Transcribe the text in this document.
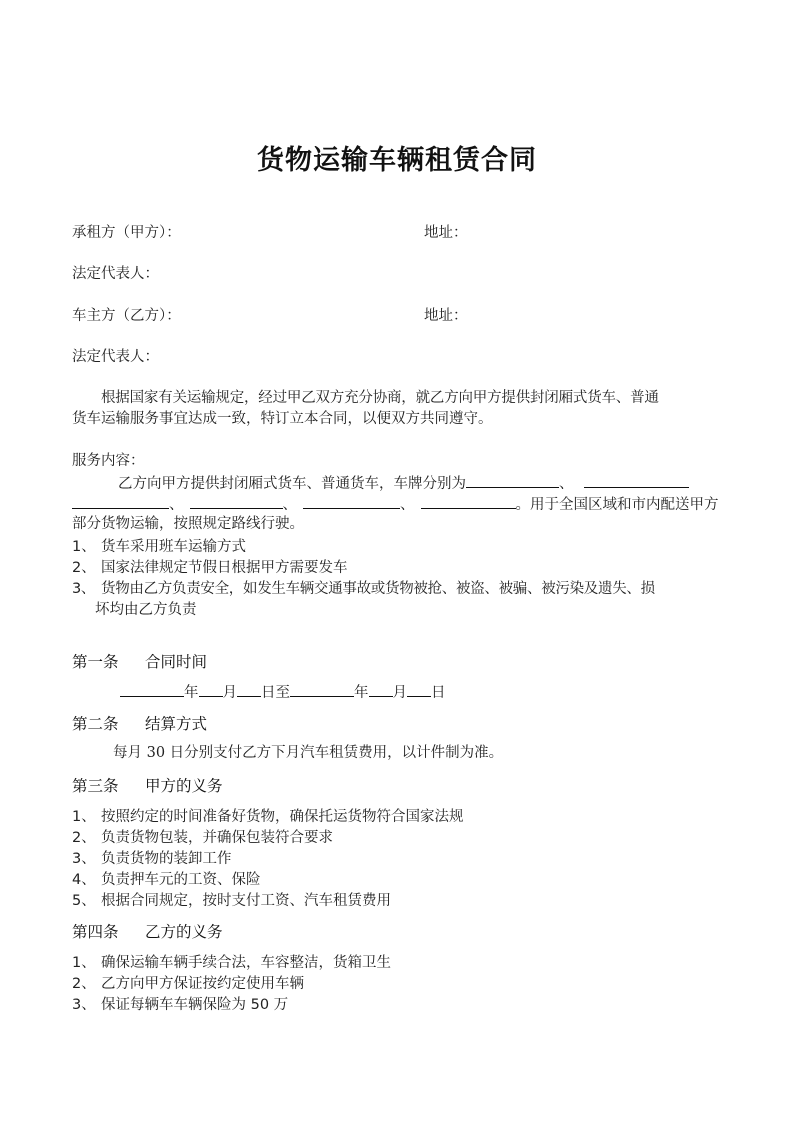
货物运输车辆租赁合同
承租方（甲方）：	地址：
法定代表人：
车主方（乙方）：	地址：
法定代表人：
根据国家有关运输规定，经过甲乙双方充分协商，就乙方向甲方提供封闭厢式货车、普通
货车运输服务事宜达成一致，特订立本合同，以便双方共同遵守。
服务内容：
乙方向甲方提供封闭厢式货车、普通货车，车牌分别为	、
、	、	、	。用于全国区域和市内配送甲方
部分货物运输，按照规定路线行驶。
1、 货车采用班车运输方式
2、 国家法律规定节假日根据甲方需要发车
3、 货物由乙方负责安全，如发生车辆交通事故或货物被抢、被盗、被骗、被污染及遗失、损
坏均由乙方负责
第一条 合同时间
年 月 日至	年 月 日
第二条 结算方式
每月 30 日分别支付乙方下月汽车租赁费用，以计件制为准。
第三条 甲方的义务
1、 按照约定的时间准备好货物，确保托运货物符合国家法规
2、 负责货物包装，并确保包装符合要求
3、 负责货物的装卸工作
4、 负责押车元的工资、保险
5、 根据合同规定，按时支付工资、汽车租赁费用
第四条 乙方的义务
1、 确保运输车辆手续合法，车容整洁，货箱卫生
2、 乙方向甲方保证按约定使用车辆
3、 保证每辆车车辆保险为 50 万
